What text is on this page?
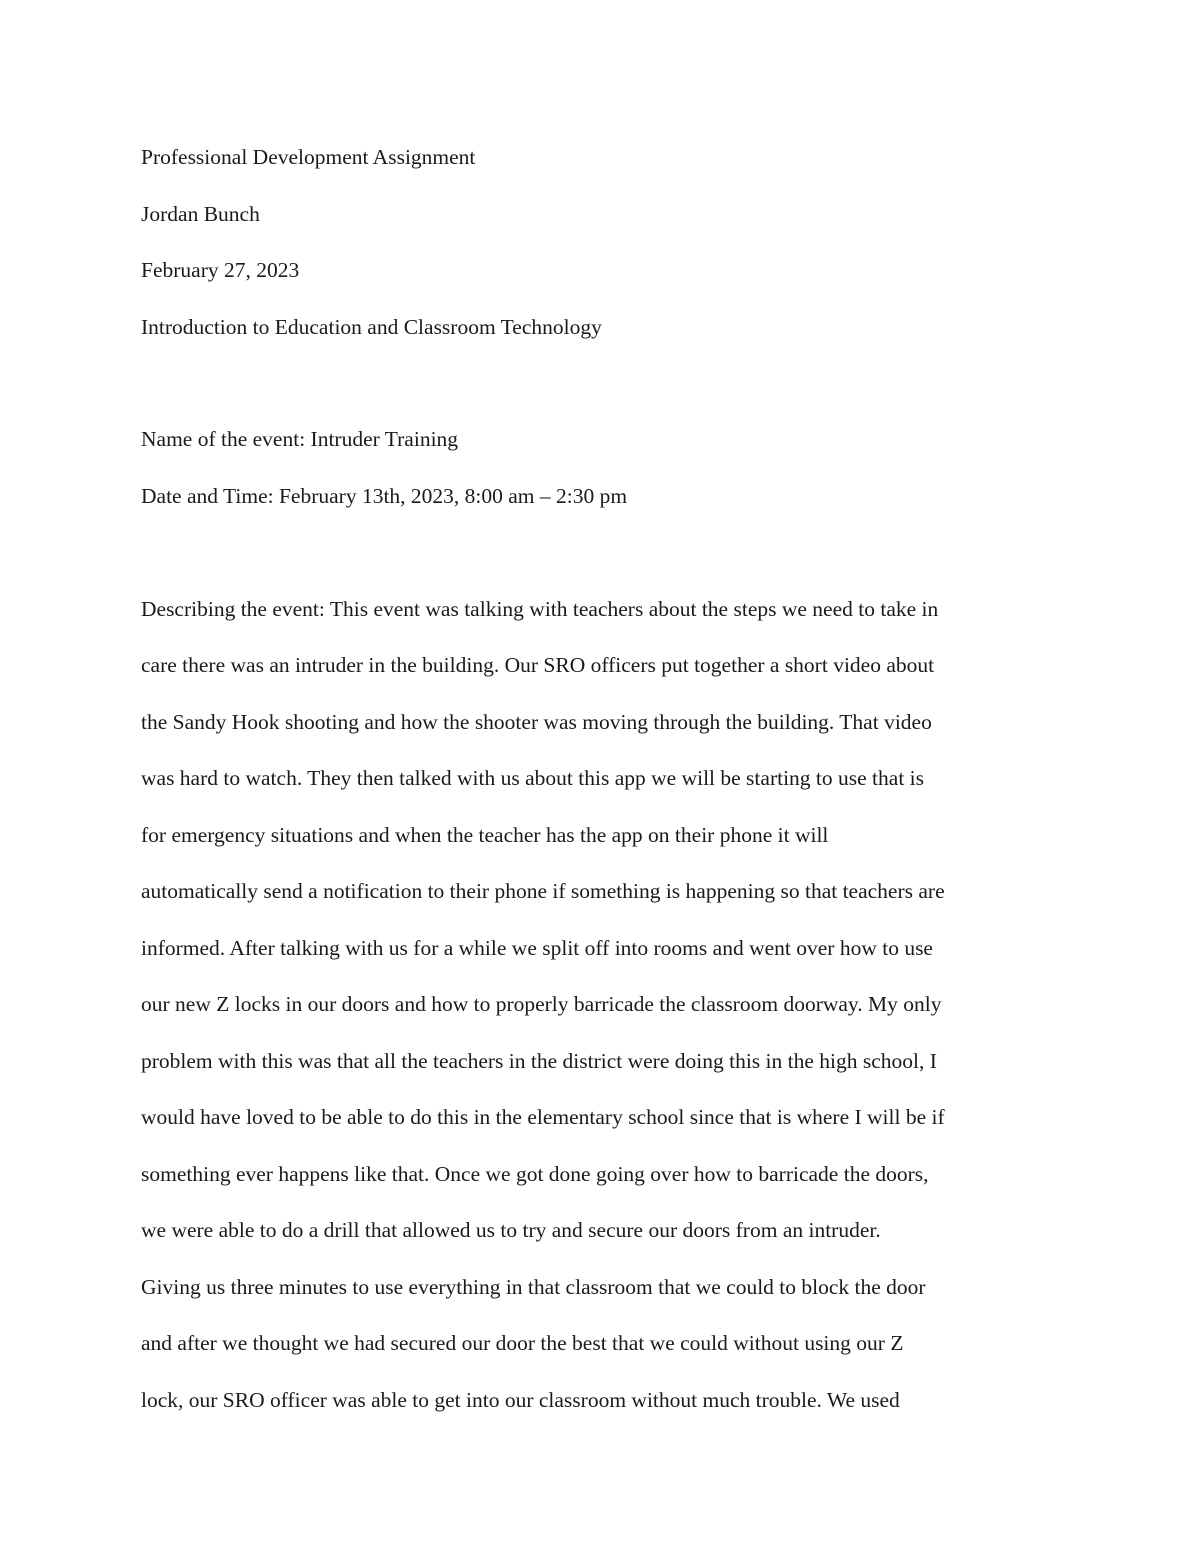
Professional Development Assignment

Jordan Bunch

February 27, 2023

Introduction to Education and Classroom Technology

Name of the event: Intruder Training

Date and Time: February 13th, 2023, 8:00 am – 2:30 pm

Describing the event: This event was talking with teachers about the steps we need to take in

care there was an intruder in the building. Our SRO officers put together a short video about

the Sandy Hook shooting and how the shooter was moving through the building. That video

was hard to watch. They then talked with us about this app we will be starting to use that is

for emergency situations and when the teacher has the app on their phone it will

automatically send a notification to their phone if something is happening so that teachers are

informed. After talking with us for a while we split off into rooms and went over how to use

our new Z locks in our doors and how to properly barricade the classroom doorway. My only

problem with this was that all the teachers in the district were doing this in the high school, I

would have loved to be able to do this in the elementary school since that is where I will be if

something ever happens like that. Once we got done going over how to barricade the doors,

we were able to do a drill that allowed us to try and secure our doors from an intruder.

Giving us three minutes to use everything in that classroom that we could to block the door

and after we thought we had secured our door the best that we could without using our Z

lock, our SRO officer was able to get into our classroom without much trouble. We used
